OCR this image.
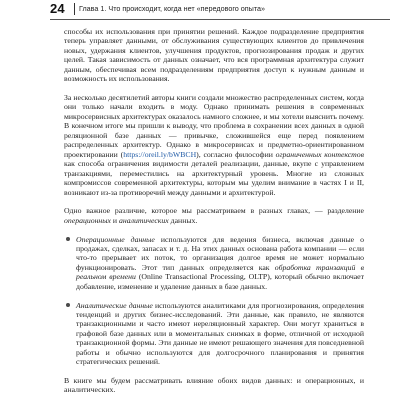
24 Глава 1. Что происходит, когда нет «передового опыта»

способы их использования при принятии решений. Каждое подразделение предприятия теперь управляет данными, от обслуживания существующих клиентов до привлечения новых, удержания клиентов, улучшения продуктов, прогнозирования продаж и других целей. Такая зависимость от данных означает, что вся программная архитектура служит данным, обеспечивая всем подразделениям предприятия доступ к нужным данным и возможность их использования.

За несколько десятилетий авторы книги создали множество распределенных систем, когда они только начали входить в моду. Однако принимать решения в современных микросервисных архитектурах оказалось намного сложнее, и мы хотели выяснить почему. В конечном итоге мы пришли к выводу, что проблема в сохранении всех данных в одной реляционной базе данных — привычке, сложившейся еще перед появлением распределенных архитектур. Однако в микросервисах и предметно-ориентированном проектировании (https://oreil.ly/bWBCH), согласно философии ограниченных контекстов как способа ограничения видимости деталей реализации, данные, вкупе с управлением транзакциями, переместились на архитектурный уровень. Многие из сложных компромиссов современной архитектуры, которым мы уделим внимание в частях I и II, возникают из-за противоречий между данными и архитектурой.

Одно важное различие, которое мы рассматриваем в разных главах, — разделение операционных и аналитических данных.

Операционные данные используются для ведения бизнеса, включая данные о продажах, сделках, запасах и т. д. На этих данных основана работа компании — если что-то прерывает их поток, то организация долгое время не может нормально функционировать. Этот тип данных определяется как обработка транзакций в реальном времени (Online Transactional Processing, OLTP), который обычно включает добавление, изменение и удаление данных в базе данных.

Аналитические данные используются аналитиками для прогнозирования, определения тенденций и других бизнес-исследований. Эти данные, как правило, не являются транзакционными и часто имеют нереляционный характер. Они могут храниться в графовой базе данных или в моментальных снимках в форме, отличной от исходной транзакционной формы. Эти данные не имеют решающего значения для повседневной работы и обычно используются для долгосрочного планирования и принятия стратегических решений.

В книге мы будем рассматривать влияние обоих видов данных: и операционных, и аналитических.
